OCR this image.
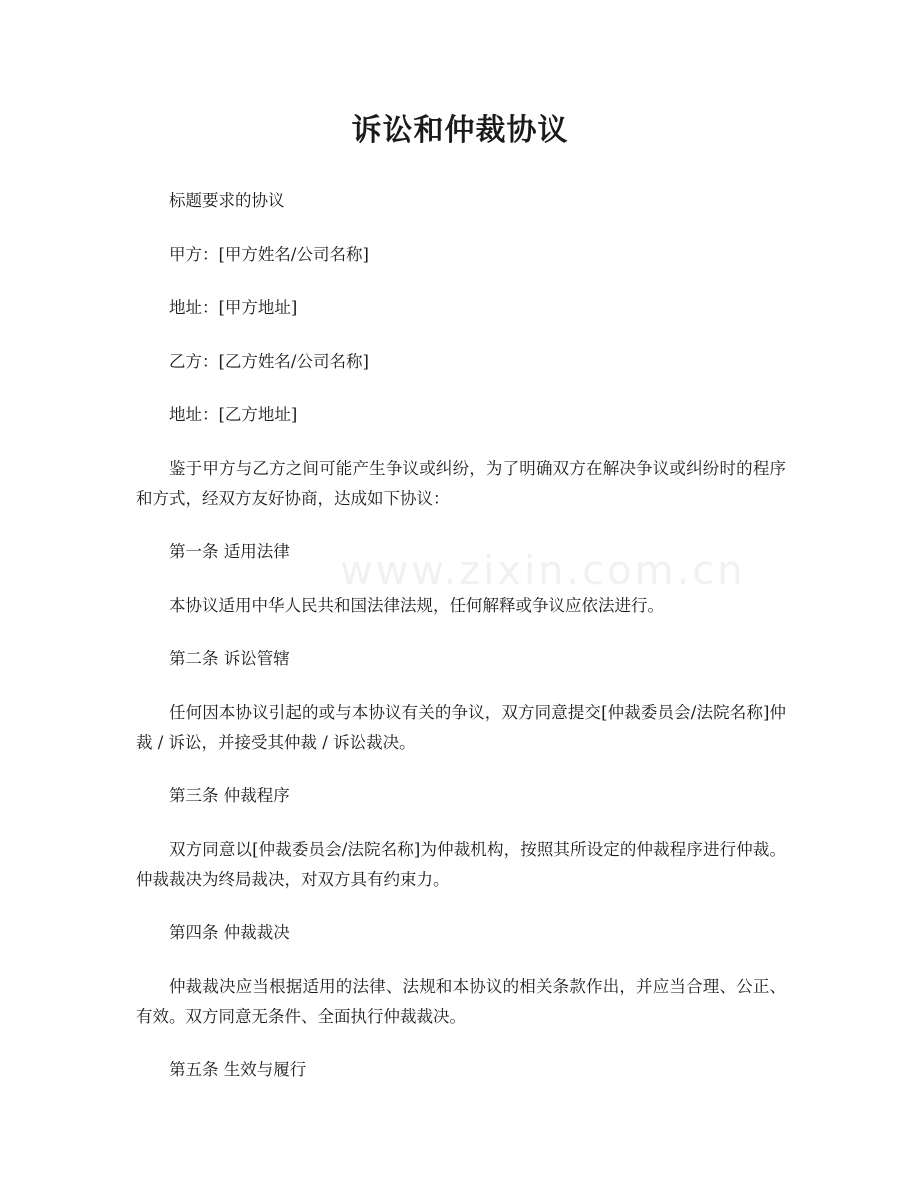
诉讼和仲裁协议
www.zixin.com.cn

标题要求的协议

甲方：[甲方姓名/公司名称]

地址：[甲方地址]

乙方：[乙方姓名/公司名称]

地址：[乙方地址]

鉴于甲方与乙方之间可能产生争议或纠纷，为了明确双方在解决争议或纠纷时的程序和方式，经双方友好协商，达成如下协议：

第一条 适用法律

本协议适用中华人民共和国法律法规，任何解释或争议应依法进行。

第二条 诉讼管辖

任何因本协议引起的或与本协议有关的争议，双方同意提交[仲裁委员会/法院名称]仲裁 / 诉讼，并接受其仲裁 / 诉讼裁决。

第三条 仲裁程序

双方同意以[仲裁委员会/法院名称]为仲裁机构，按照其所设定的仲裁程序进行仲裁。仲裁裁决为终局裁决，对双方具有约束力。

第四条 仲裁裁决

仲裁裁决应当根据适用的法律、法规和本协议的相关条款作出，并应当合理、公正、有效。双方同意无条件、全面执行仲裁裁决。

第五条 生效与履行
